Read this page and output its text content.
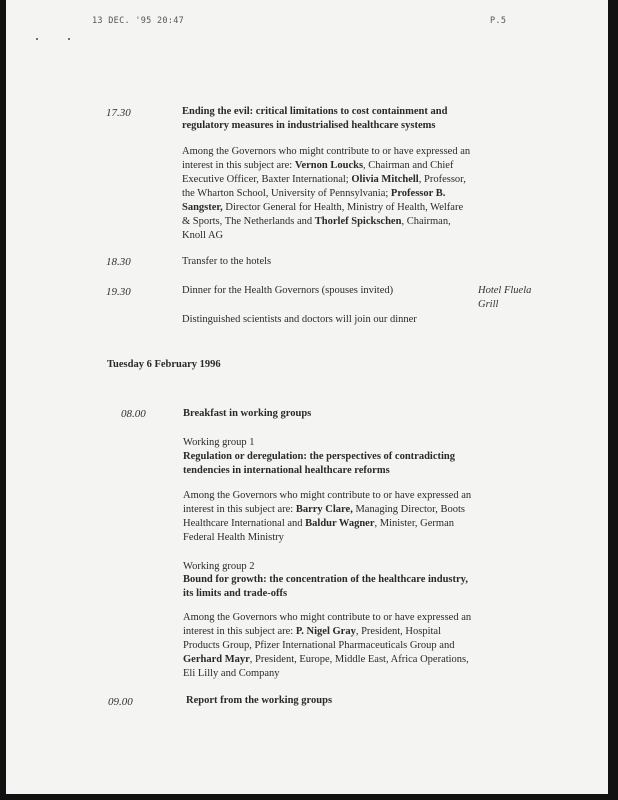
13 DEC. '95 20:47	P.5
17.30	Ending the evil: critical limitations to cost containment and regulatory measures in industrialised healthcare systems
Among the Governors who might contribute to or have expressed an interest in this subject are: Vernon Loucks, Chairman and Chief Executive Officer, Baxter International; Olivia Mitchell, Professor, the Wharton School, University of Pennsylvania; Professor B. Sangster, Director General for Health, Ministry of Health, Welfare & Sports, The Netherlands and Thorlef Spickschen, Chairman, Knoll AG
18.30	Transfer to the hotels
19.30	Dinner for the Health Governors (spouses invited)	Hotel Fluela Grill
Distinguished scientists and doctors will join our dinner
Tuesday 6 February 1996
08.00	Breakfast in working groups
Working group 1
Regulation or deregulation: the perspectives of contradicting tendencies in international healthcare reforms
Among the Governors who might contribute to or have expressed an interest in this subject are: Barry Clare, Managing Director, Boots Healthcare International and Baldur Wagner, Minister, German Federal Health Ministry
Working group 2
Bound for growth: the concentration of the healthcare industry, its limits and trade-offs
Among the Governors who might contribute to or have expressed an interest in this subject are: P. Nigel Gray, President, Hospital Products Group, Pfizer International Pharmaceuticals Group and Gerhard Mayr, President, Europe, Middle East, Africa Operations, Eli Lilly and Company
09.00	Report from the working groups
